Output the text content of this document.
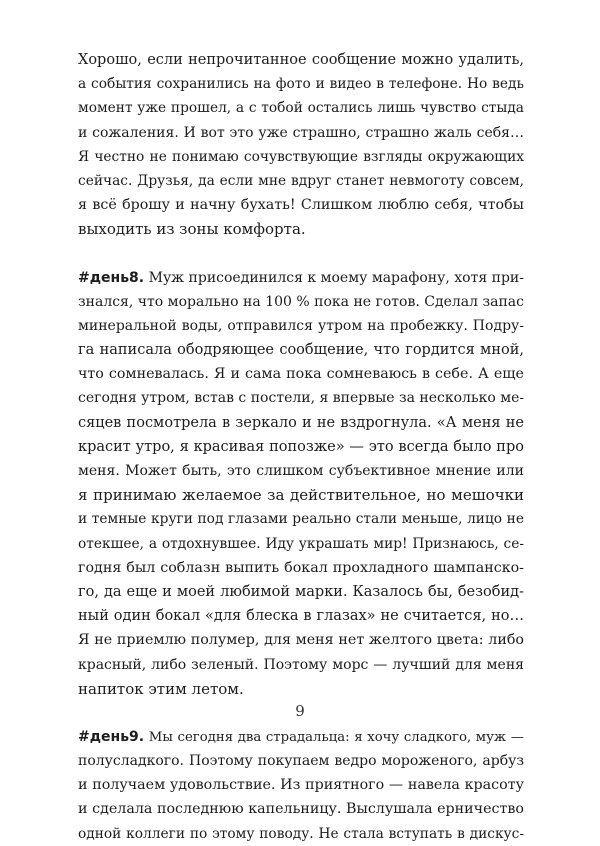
Хорошо, если непрочитанное сообщение можно удалить,
а события сохранились на фото и видео в телефоне. Но ведь
момент уже прошел, а с тобой остались лишь чувство стыда
и сожаления. И вот это уже страшно, страшно жаль себя…
Я честно не понимаю сочувствующие взгляды окружающих
сейчас. Друзья, да если мне вдруг станет невмоготу совсем,
я всё брошу и начну бухать! Слишком люблю себя, чтобы
выходить из зоны комфорта.
#день8. Муж присоединился к моему марафону, хотя при-
знался, что морально на 100 % пока не готов. Сделал запас
минеральной воды, отправился утром на пробежку. Подру-
га написала ободряющее сообщение, что гордится мной,
что сомневалась. Я и сама пока сомневаюсь в себе. А еще
сегодня утром, встав с постели, я впервые за несколько ме-
сяцев посмотрела в зеркало и не вздрогнула. «А меня не
красит утро, я красивая попозже» — это всегда было про
меня. Может быть, это слишком субъективное мнение или
я принимаю желаемое за действительное, но мешочки
и темные круги под глазами реально стали меньше, лицо не
отекшее, а отдохнувшее. Иду украшать мир! Признаюсь, се-
годня был соблазн выпить бокал прохладного шампанско-
го, да еще и моей любимой марки. Казалось бы, безобид-
ный один бокал «для блеска в глазах» не считается, но…
Я не приемлю полумер, для меня нет желтого цвета: либо
красный, либо зеленый. Поэтому морс — лучший для меня
напиток этим летом.
#день9. Мы сегодня два страдальца: я хочу сладкого, муж —
полусладкого. Поэтому покупаем ведро мороженого, арбуз
и получаем удовольствие. Из приятного — навела красоту
и сделала последнюю капельницу. Выслушала ерничество
одной коллеги по этому поводу. Не стала вступать в дискус-
9
